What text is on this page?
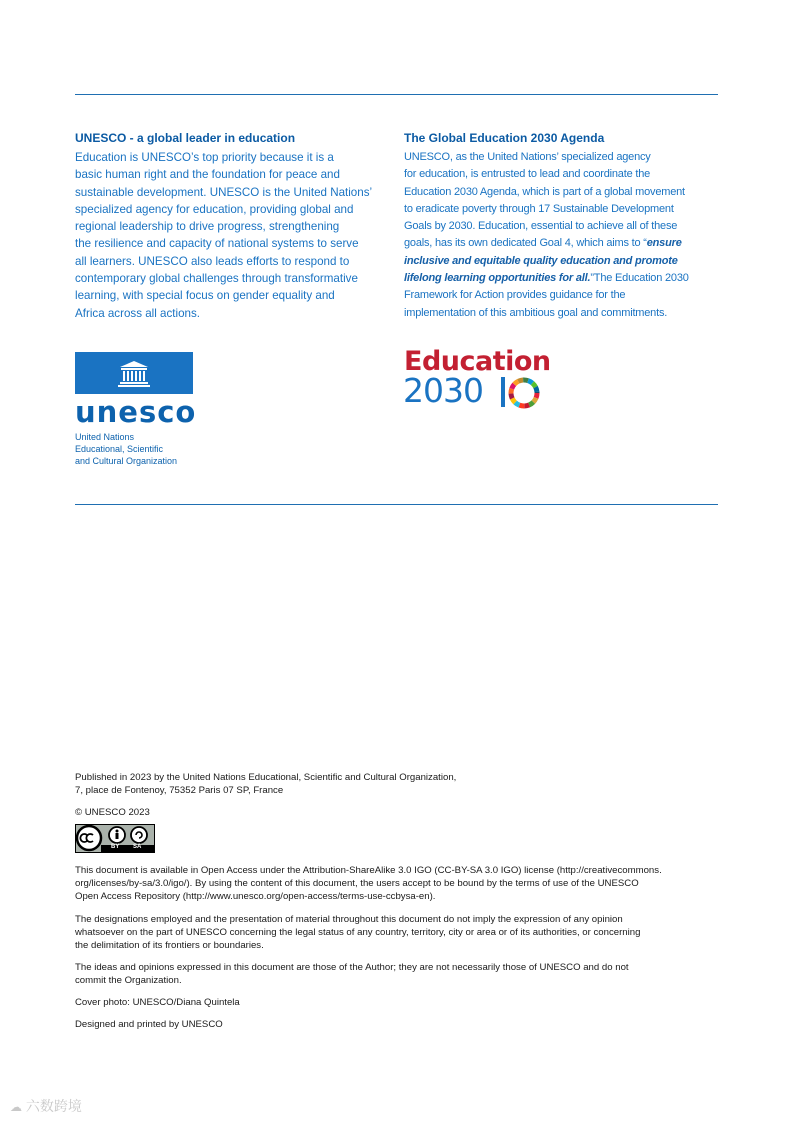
UNESCO - a global leader in education

Education is UNESCO’s top priority because it is a
basic human right and the foundation for peace and
sustainable development. UNESCO is the United Nations’
specialized agency for education, providing global and
regional leadership to drive progress, strengthening
the resilience and capacity of national systems to serve
all learners. UNESCO also leads efforts to respond to
contemporary global challenges through transformative
learning, with special focus on gender equality and
Africa across all actions.

The Global Education 2030 Agenda

UNESCO, as the United Nations’ specialized agency
for education, is entrusted to lead and coordinate the
Education 2030 Agenda, which is part of a global movement
to eradicate poverty through 17 Sustainable Development
Goals by 2030. Education, essential to achieve all of these
goals, has its own dedicated Goal 4, which aims to “ensure
inclusive and equitable quality education and promote
lifelong learning opportunities for all.”The Education 2030
Framework for Action provides guidance for the
implementation of this ambitious goal and commitments.

unesco
United Nations
Educational, Scientific
and Cultural Organization
Education
2030

Published in 2023 by the United Nations Educational, Scientific and Cultural Organization,

7, place de Fontenoy, 75352 Paris 07 SP, France

© UNESCO 2023
BY SA

This document is available in Open Access under the Attribution-ShareAlike 3.0 IGO (CC-BY-SA 3.0 IGO) license (http://creativecommons.

org/licenses/by-sa/3.0/igo/). By using the content of this document, the users accept to be bound by the terms of use of the UNESCO

Open Access Repository (http://www.unesco.org/open-access/terms-use-ccbysa-en).

The designations employed and the presentation of material throughout this document do not imply the expression of any opinion

whatsoever on the part of UNESCO concerning the legal status of any country, territory, city or area or of its authorities, or concerning

the delimitation of its frontiers or boundaries.

The ideas and opinions expressed in this document are those of the Author; they are not necessarily those of UNESCO and do not

commit the Organization.

Cover photo: UNESCO/Diana Quintela
Designed and printed by UNESCO
☁ 六数跨境
